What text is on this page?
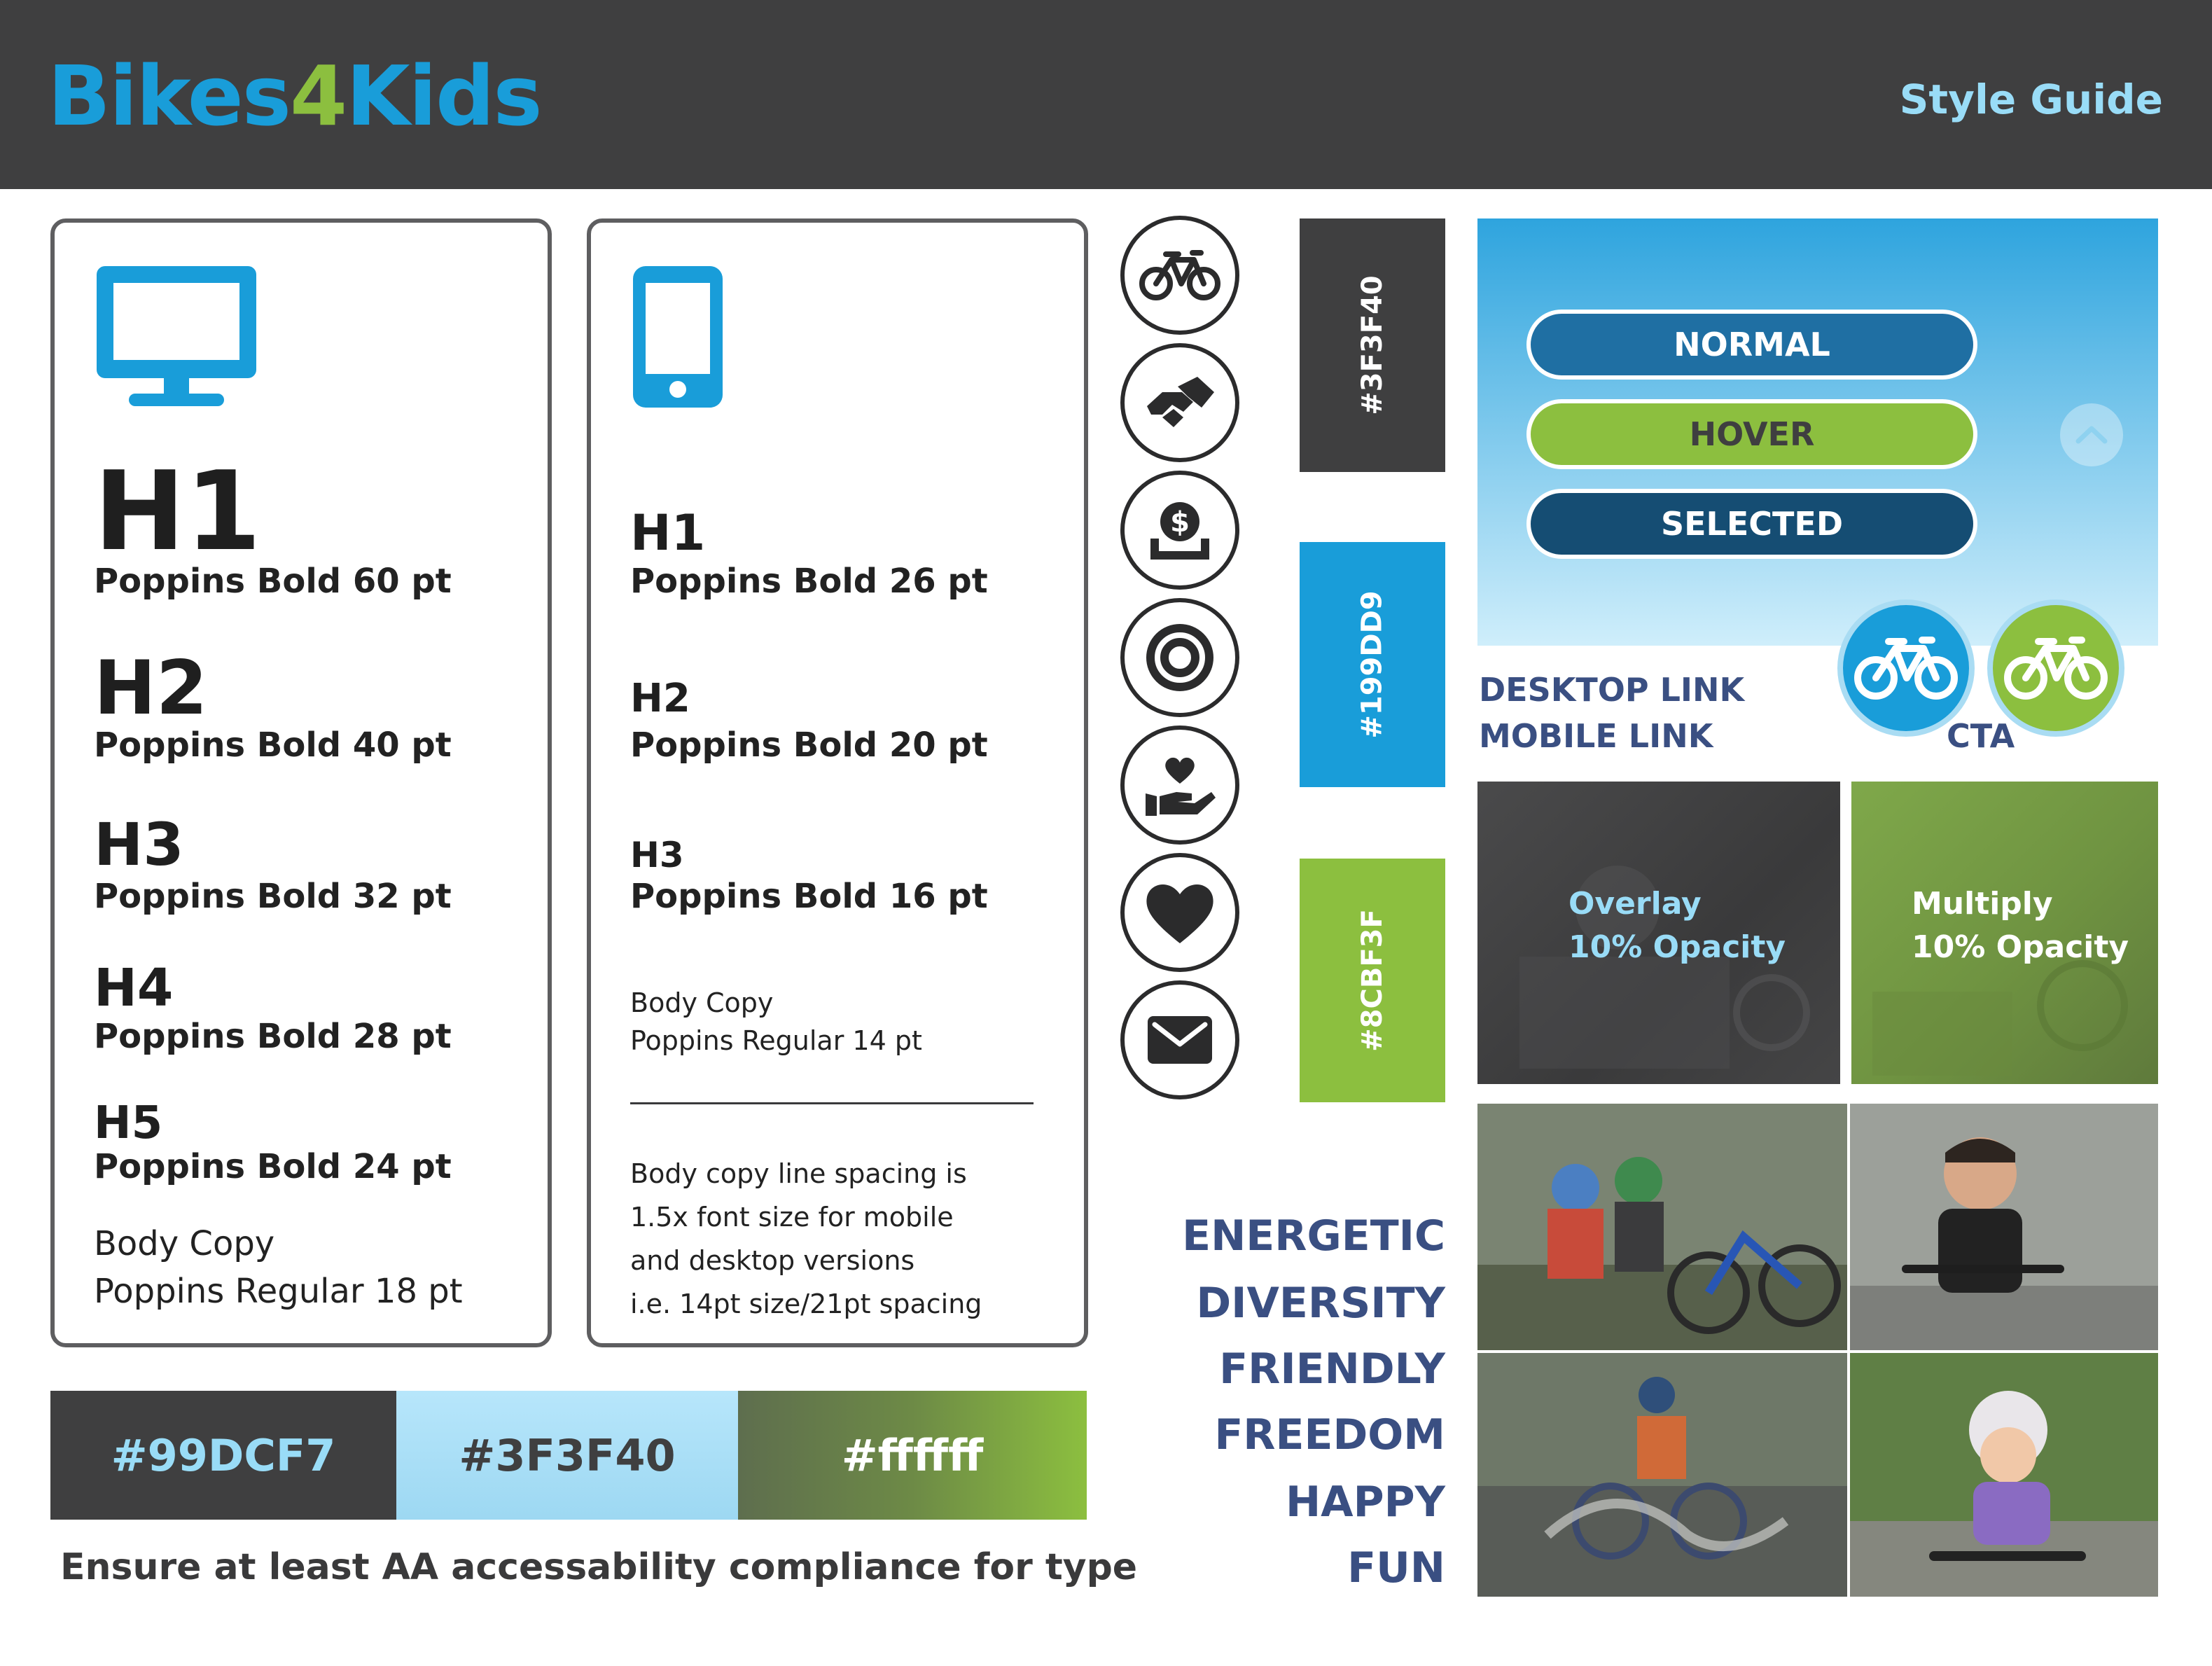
Bikes4Kids	Style Guide
H1
Poppins Bold 60 pt
H2
Poppins Bold 40 pt
H3
Poppins Bold 32 pt
H4
Poppins Bold 28 pt
H5
Poppins Bold 24 pt
Body Copy
Poppins Regular 18 pt
H1
Poppins Bold 26 pt
H2
Poppins Bold 20 pt
H3
Poppins Bold 16 pt
Body Copy
Poppins Regular 14 pt
Body copy line spacing is
1.5x font size for mobile
and desktop versions
i.e. 14pt size/21pt spacing
$
#3F3F40
#199DD9
#8CBF3F
NORMAL
HOVER
SELECTED
DESKTOP LINK
MOBILE LINK	CTA
Overlay
10% Opacity
Multiply
10% Opacity
ENERGETIC
DIVERSITY
FRIENDLY
FREEDOM
HAPPY
FUN
#99DCF7	#3F3F40	#ffffff
Ensure at least AA accessability compliance for type
